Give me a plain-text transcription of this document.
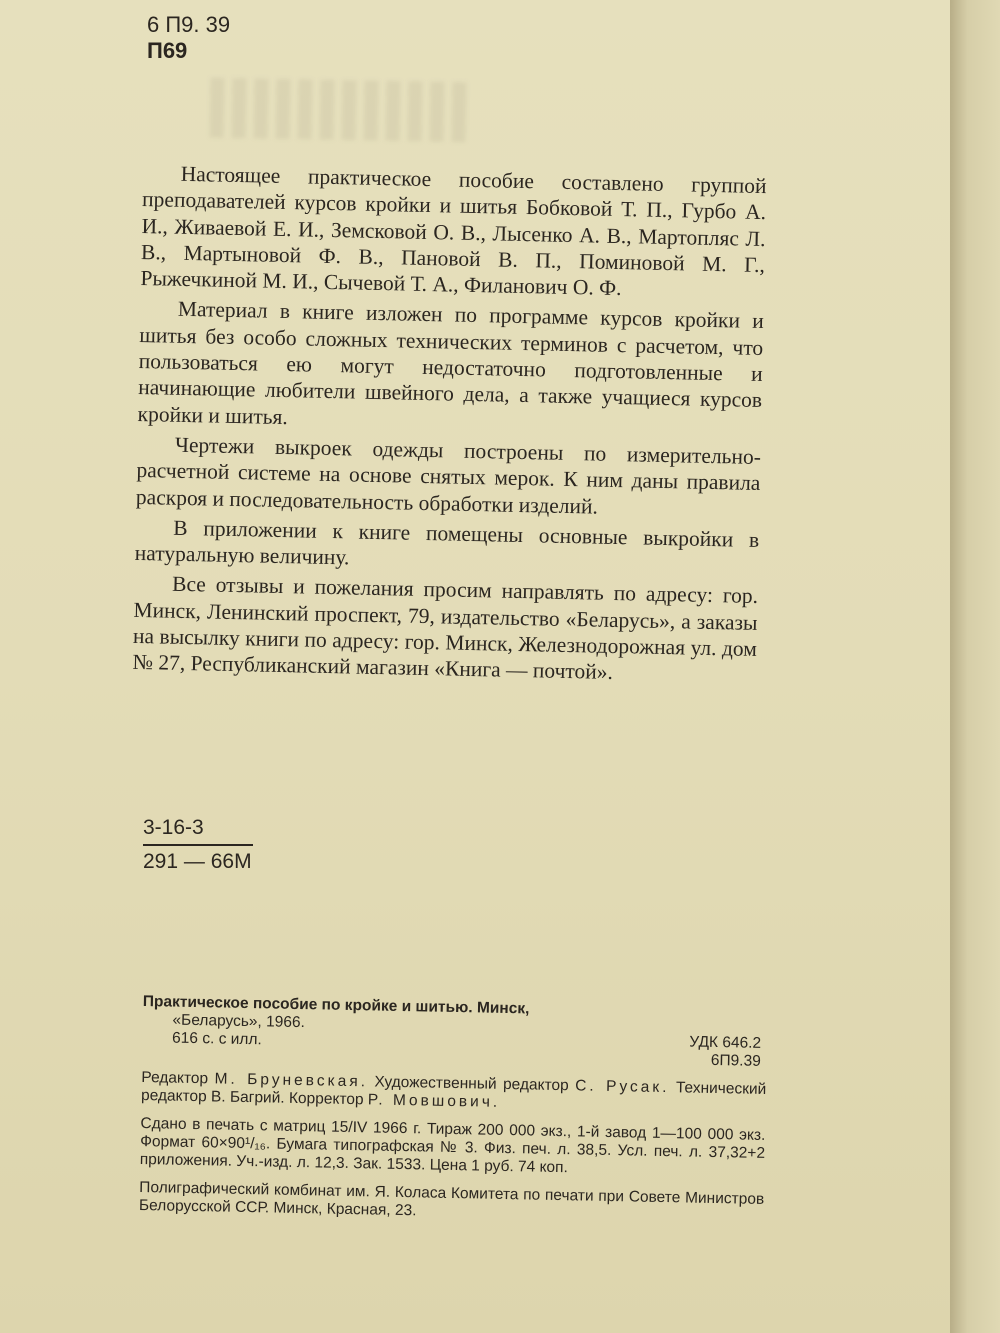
6 П9. 39
П69

Настоящее практическое пособие составлено группой преподавателей курсов кройки и шитья Бобковой Т. П., Гурбо А. И., Живаевой Е. И., Земсковой О. В., Лысенко А. В., Мартопляс Л. В., Мартыновой Ф. В., Пановой В. П., Поминовой М. Г., Рыжечкиной М. И., Сычевой Т. А., Филанович О. Ф.

Материал в книге изложен по программе курсов кройки и шитья без особо сложных технических терминов с расчетом, что пользоваться ею могут недостаточно подготовленные и начинающие любители швейного дела, а также учащиеся курсов кройки и шитья.

Чертежи выкроек одежды построены по измерительно-расчетной системе на основе снятых мерок. К ним даны правила раскроя и последовательность обработки изделий.

В приложении к книге помещены основные выкройки в натуральную величину.

Все отзывы и пожелания просим направлять по адресу: гор. Минск, Ленинский проспект, 79, издательство «Беларусь», а заказы на высылку книги по адресу: гор. Минск, Железнодорожная ул. дом № 27, Республиканский магазин «Книга — почтой».

3-16-3
291 — 66М
Практическое пособие по кройке и шитью. Минск,
«Беларусь», 1966.
616 с. с илл.	УДК 646.2
6П9.39
Редактор М. Бруневская. Художественный редактор С. Русак. Технический редактор В. Багрий. Корректор Р. Мовшович.
Сдано в печать с матриц 15/IV 1966 г. Тираж 200 000 экз., 1-й завод 1—100 000 экз. Формат 60×90¹/₁₆. Бумага типографская № 3. Физ. печ. л. 38,5. Усл. печ. л. 37,32+2 приложения. Уч.-изд. л. 12,3. Зак. 1533. Цена 1 руб. 74 коп.
Полиграфический комбинат им. Я. Коласа Комитета по печати при Совете Министров Белорусской ССР. Минск, Красная, 23.
